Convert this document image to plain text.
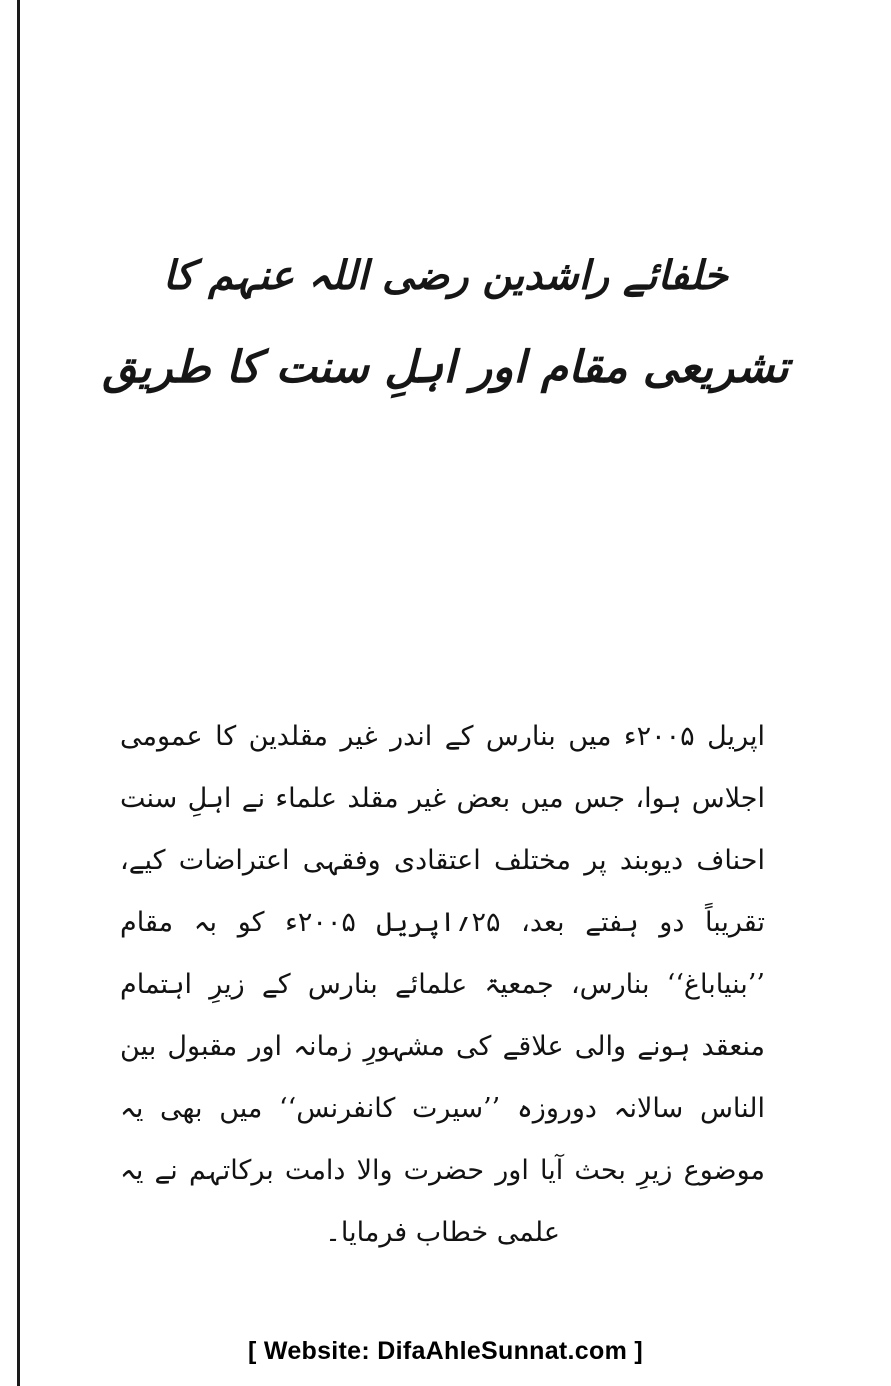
خلفائے راشدین رضی اللہ عنہم کا

تشریعی مقام اور اہلِ سنت کا طریق

اپریل ۲۰۰۵ء میں بنارس کے اندر غیر مقلدین کا عمومی اجلاس ہوا، جس میں بعض غیر مقلد علماء نے اہلِ سنت احناف دیوبند پر مختلف اعتقادی وفقہی اعتراضات کیے، تقریباً دو ہفتے بعد، ۲۵؍اپریل ۲۰۰۵ء کو بہ مقام ’’بنیاباغ‘‘ بنارس، جمعیۃ علمائے بنارس کے زیرِ اہتمام منعقد ہونے والی علاقے کی مشہورِ زمانہ اور مقبول بین الناس سالانہ دوروزہ ’’سیرت کانفرنس‘‘ میں بھی یہ موضوع زیرِ بحث آیا اور حضرت والا دامت برکاتہم نے یہ علمی خطاب فرمایا۔

[ Website: DifaAhleSunnat.com ]
